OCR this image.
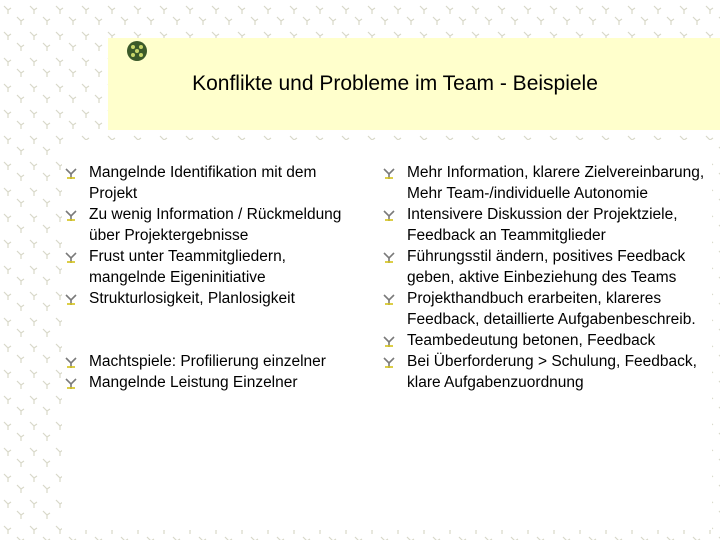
Konflikte und Probleme im Team - Beispiele
Mangelnde Identifikation mit dem Projekt
Zu wenig Information / Rückmeldung über Projektergebnisse
Frust unter Teammitgliedern, mangelnde Eigeninitiative
Strukturlosigkeit, Planlosigkeit
Machtspiele: Profilierung einzelner
Mangelnde Leistung Einzelner
Mehr Information, klarere Zielvereinbarung,
Mehr Team-/individuelle Autonomie
Intensivere Diskussion der Projektziele, Feedback an Teammitglieder
Führungsstil ändern, positives Feedback geben, aktive Einbeziehung des Teams
Projekthandbuch erarbeiten, klareres Feedback, detaillierte Aufgabenbeschreib.
Teambedeutung betonen, Feedback
Bei Überforderung > Schulung, Feedback, klare Aufgabenzuordnung
